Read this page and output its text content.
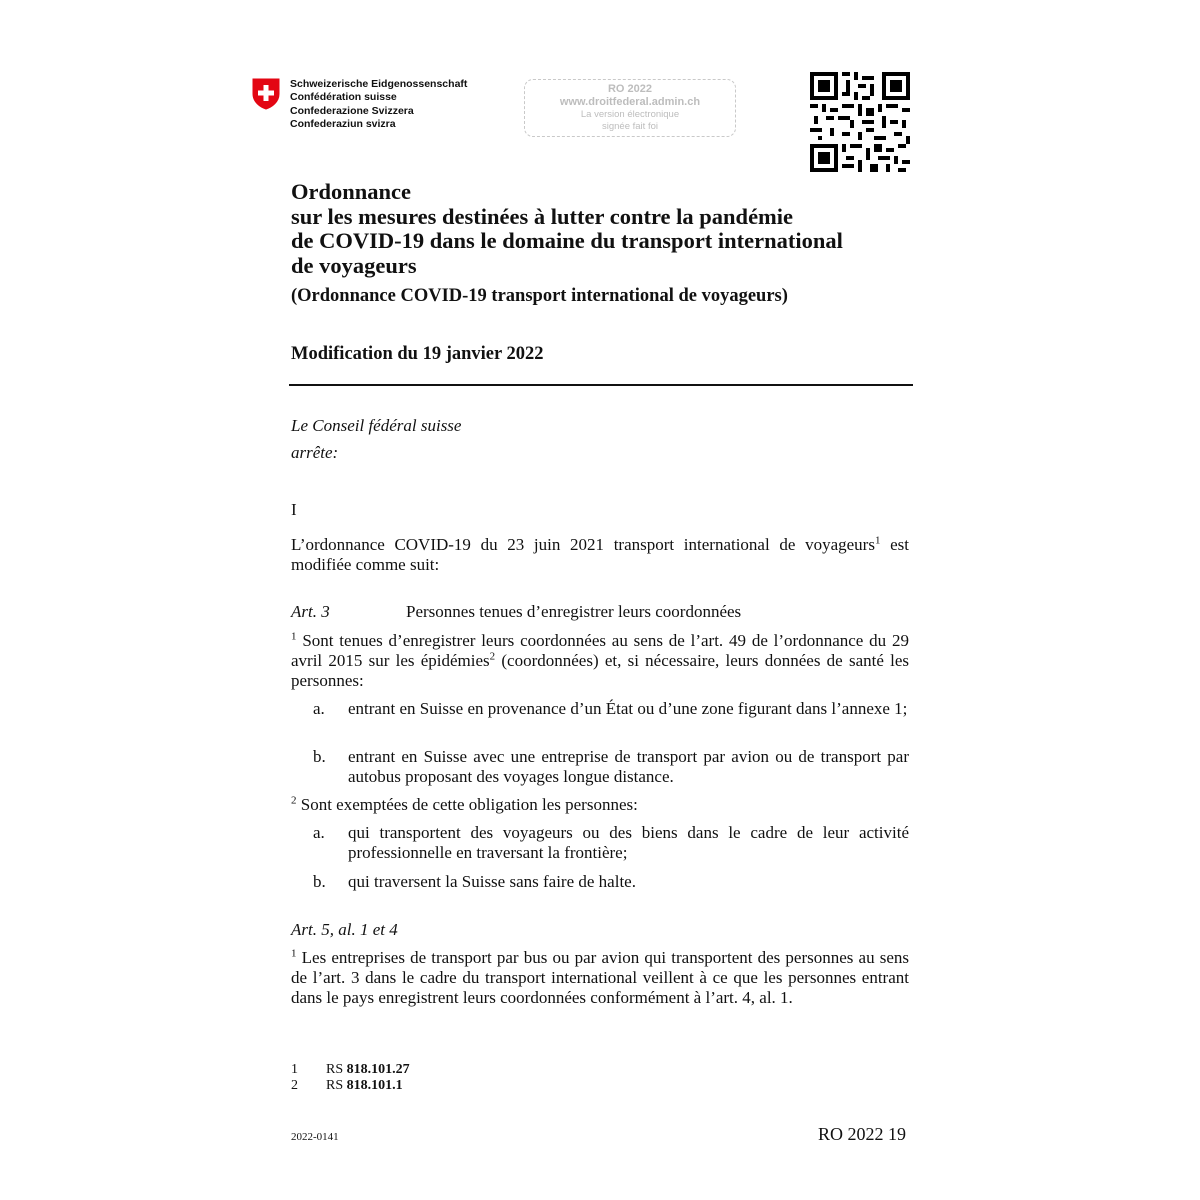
Schweizerische Eidgenossenschaft
Confédération suisse
Confederazione Svizzera
Confederaziun svizra
RO 2022
www.droitfederal.admin.ch
La version électronique
signée fait foi
Ordonnance
sur les mesures destinées à lutter contre la pandémie
de COVID-19 dans le domaine du transport international
de voyageurs
(Ordonnance COVID-19 transport international de voyageurs)
Modification du 19 janvier 2022
Le Conseil fédéral suisse
arrête:
I
L’ordonnance COVID-19 du 23 juin 2021 transport international de voyageurs$^1$ est modifiée comme suit:
Art. 3	Personnes tenues d’enregistrer leurs coordonnées
$^1$ Sont tenues d’enregistrer leurs coordonnées au sens de l’art. 49 de l’ordonnance du 29 avril 2015 sur les épidémies$^2$ (coordonnées) et, si nécessaire, leurs données de santé les personnes:
a. entrant en Suisse en provenance d’un État ou d’une zone figurant dans l’annexe 1;
b. entrant en Suisse avec une entreprise de transport par avion ou de transport par autobus proposant des voyages longue distance.
$^2$ Sont exemptées de cette obligation les personnes:
a. qui transportent des voyageurs ou des biens dans le cadre de leur activité professionnelle en traversant la frontière;
b. qui traversent la Suisse sans faire de halte.
Art. 5, al. 1 et 4
$^1$ Les entreprises de transport par bus ou par avion qui transportent des personnes au sens de l’art. 3 dans le cadre du transport international veillent à ce que les personnes entrant dans le pays enregistrent leurs coordonnées conformément à l’art. 4, al. 1.
1 RS 818.101.27
2 RS 818.101.1
2022-0141	RO 2022 19
